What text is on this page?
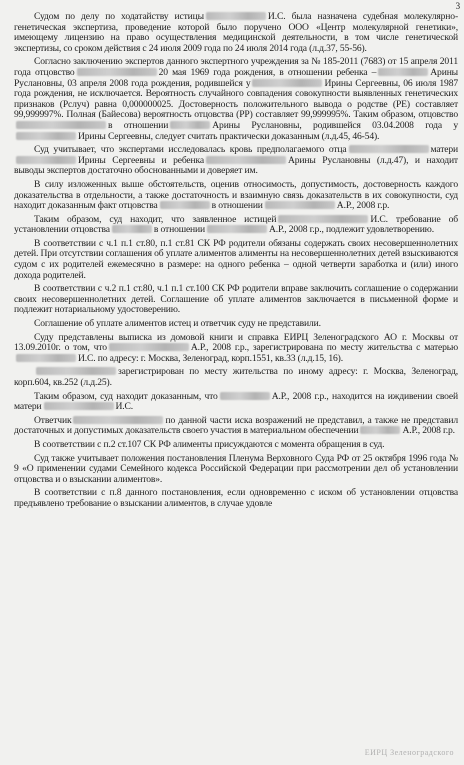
3

Судом по делу по ходатайству истицы	И.С. была назначена судебная молекулярно-генетическая экспертиза, проведение которой было поручено ООО «Центр молекулярной генетики», имеющему лицензию на право осуществления медицинской деятельности, в том числе генетической экспертизы, со сроком действия с 24 июля 2009 года по 24 июля 2014 года (л.д.37, 55-56).

Согласно заключению экспертов данного экспертного учреждения за № 185-2011 (7683) от 15 апреля 2011 года отцовство	20 мая 1969 года рождения, в отношении ребенка –	Арины Руслановны, 03 апреля 2008 года рождения, родившейся у	Ирины Сергеевны, 06 июля 1987 года рождения, не исключается. Вероятность случайного совпадения совокупности выявленных генетических признаков (Pслуч) равна 0,000000025. Достоверность положительного вывода о родстве (PE) составляет 99,999997%. Полная (Байесова) вероятность отцовства (PP) составляет 99,999995%. Таким образом, отцовствов отношении	Арины Руслановны, родившейся 03.04.2008 года уИрины Сергеевны, следует считать практически доказанным (л.д.45, 46-54).

Суд учитывает, что экспертами исследовалась кровь предполагаемого отца	материИрины Сергеевны и ребенка	Арины Руслановны (л.д.47), и находит выводы экспертов достаточно обоснованными и доверяет им.

В силу изложенных выше обстоятельств, оценив относимость, допустимость, достоверность каждого доказательства в отдельности, а также достаточность и взаимную связь доказательств в их совокупности, суд находит доказанным факт отцовства	в отношении	А.Р., 2008 г.р.

Таким образом, суд находит, что заявленное истицей	И.С. требование об установлении отцовства	в отношении	А.Р., 2008 г.р., подлежит удовлетворению.

В соответствии с ч.1 п.1 ст.80, п.1 ст.81 СК РФ родители обязаны содержать своих несовершеннолетних детей. При отсутствии соглашения об уплате алиментов алименты на несовершеннолетних детей взыскиваются судом с их родителей ежемесячно в размере: на одного ребенка – одной четверти заработка и (или) иного дохода родителей.

В соответствии с ч.2 п.1 ст.80, ч.1 п.1 ст.100 СК РФ родители вправе заключить соглашение о содержании своих несовершеннолетних детей. Соглашение об уплате алиментов заключается в письменной форме и подлежит нотариальному удостоверению.

Соглашение об уплате алиментов истец и ответчик суду не представили.

Суду представлены выписка из домовой книги и справка ЕИРЦ Зеленоградского АО г. Москвы от 13.09.2010г. о том, что	А.Р., 2008 г.р., зарегистрирована по месту жительства с матерьюИ.С. по адресу: г. Москва, Зеленоград, корп.1551, кв.33 (л.д.15, 16).

зарегистрирован по месту жительства по иному адресу: г. Москва, Зеленоград, корп.604, кв.252 (л.д.25).

Таким образом, суд находит доказанным, что	А.Р., 2008 г.р., находится на иждивении своей матери	И.С.

Ответчик	по данной части иска возражений не представил, а также не представил достаточных и допустимых доказательств своего участия в материальном обеспечении	А.Р., 2008 г.р.

В соответствии с п.2 ст.107 СК РФ алименты присуждаются с момента обращения в суд.

Суд также учитывает положения постановления Пленума Верховного Суда РФ от 25 октября 1996 года № 9 «О применении судами Семейного кодекса Российской Федерации при рассмотрении дел об установлении отцовства и о взыскании алиментов».

В соответствии с п.8 данного постановления, если одновременно с иском об установлении отцовства предъявлено требование о взыскании алиментов, в случае удовле

ЕИРЦ Зеленоградского
